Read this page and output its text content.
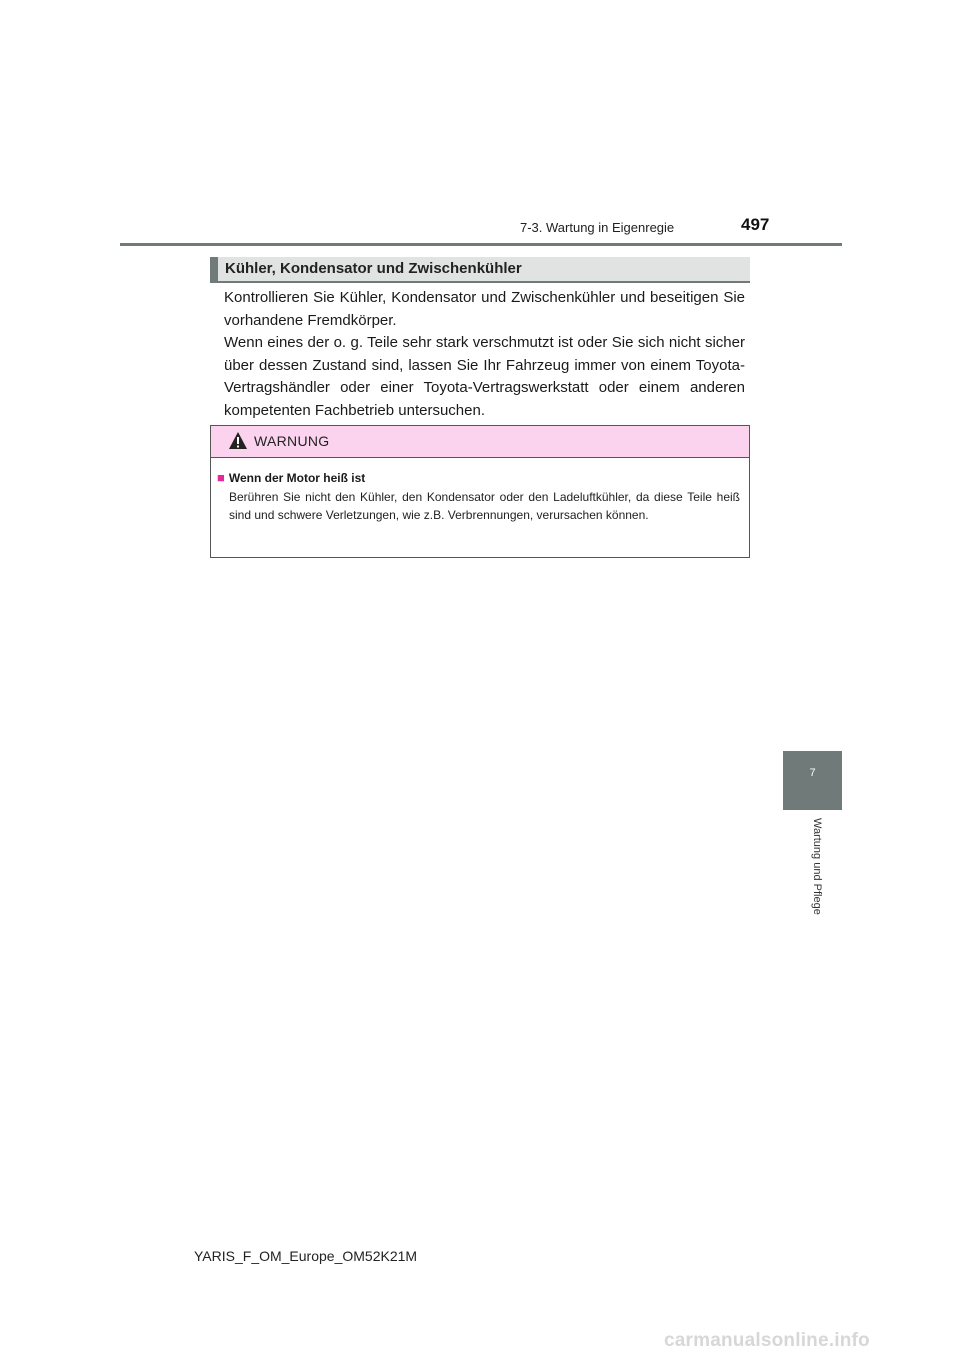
7-3. Wartung in Eigenregie	497
Kühler, Kondensator und Zwischenkühler

Kontrollieren Sie Kühler, Kondensator und Zwischenkühler und beseitigen Sie vorhandene Fremdkörper.

Wenn eines der o. g. Teile sehr stark verschmutzt ist oder Sie sich nicht sicher über dessen Zustand sind, lassen Sie Ihr Fahrzeug immer von einem Toyota-Vertragshändler oder einer Toyota-Vertragswerkstatt oder einem anderen kompetenten Fachbetrieb untersuchen.

WARNUNG
■ Wenn der Motor heiß ist
Berühren Sie nicht den Kühler, den Kondensator oder den Ladeluftkühler, da diese Teile heiß sind und schwere Verletzungen, wie z.B. Verbrennungen, verursachen können.
7
Wartung und Pflege
YARIS_F_OM_Europe_OM52K21M
carmanualsonline.info
